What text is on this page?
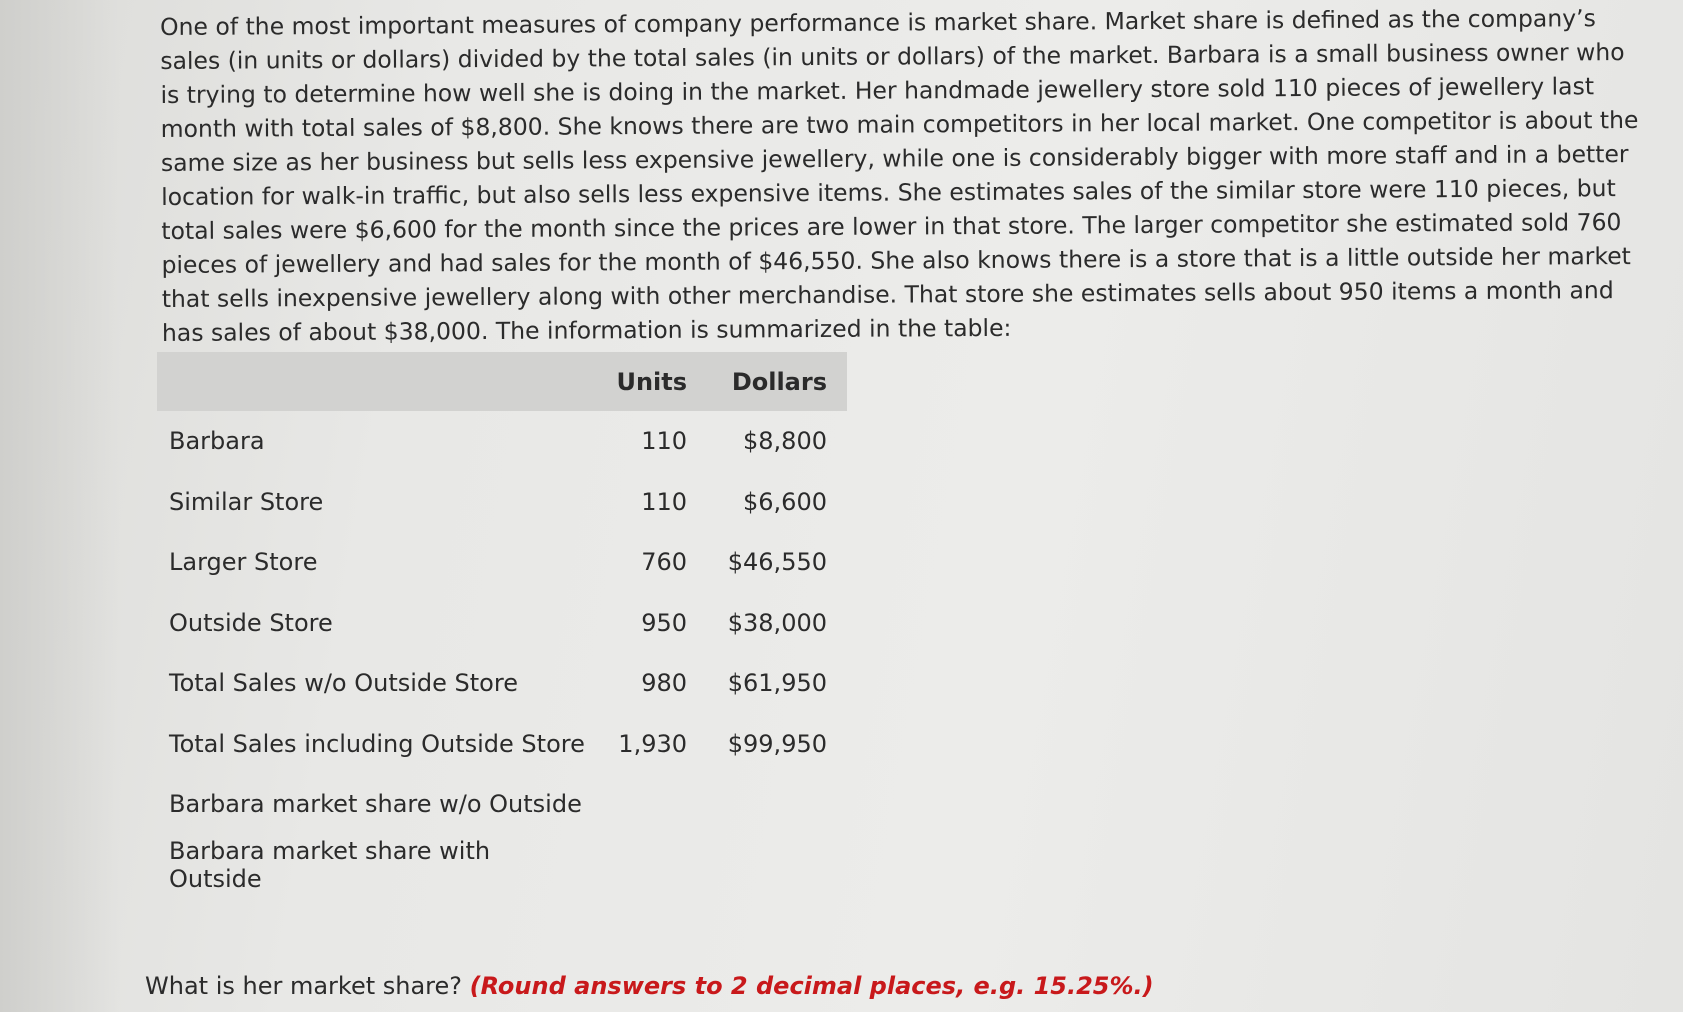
One of the most important measures of company performance is market share. Market share is defined as the company’s sales (in units or dollars) divided by the total sales (in units or dollars) of the market. Barbara is a small business owner who is trying to determine how well she is doing in the market. Her handmade jewellery store sold 110 pieces of jewellery last month with total sales of $8,800. She knows there are two main competitors in her local market. One competitor is about the same size as her business but sells less expensive jewellery, while one is considerably bigger with more staff and in a better location for walk-in traffic, but also sells less expensive items. She estimates sales of the similar store were 110 pieces, but total sales were $6,600 for the month since the prices are lower in that store. The larger competitor she estimated sold 760 pieces of jewellery and had sales for the month of $46,550. She also knows there is a store that is a little outside her market that sells inexpensive jewellery along with other merchandise. That store she estimates sells about 950 items a month and has sales of about $38,000. The information is summarized in the table:

	Units	Dollars
Barbara	110	$8,800
Similar Store	110	$6,600
Larger Store	760	$46,550
Outside Store	950	$38,000
Total Sales w/o Outside Store	980	$61,950
Total Sales including Outside Store	1,930	$99,950
Barbara market share w/o Outside		
Barbara market share with Outside		

What is her market share? (Round answers to 2 decimal places, e.g. 15.25%.)
